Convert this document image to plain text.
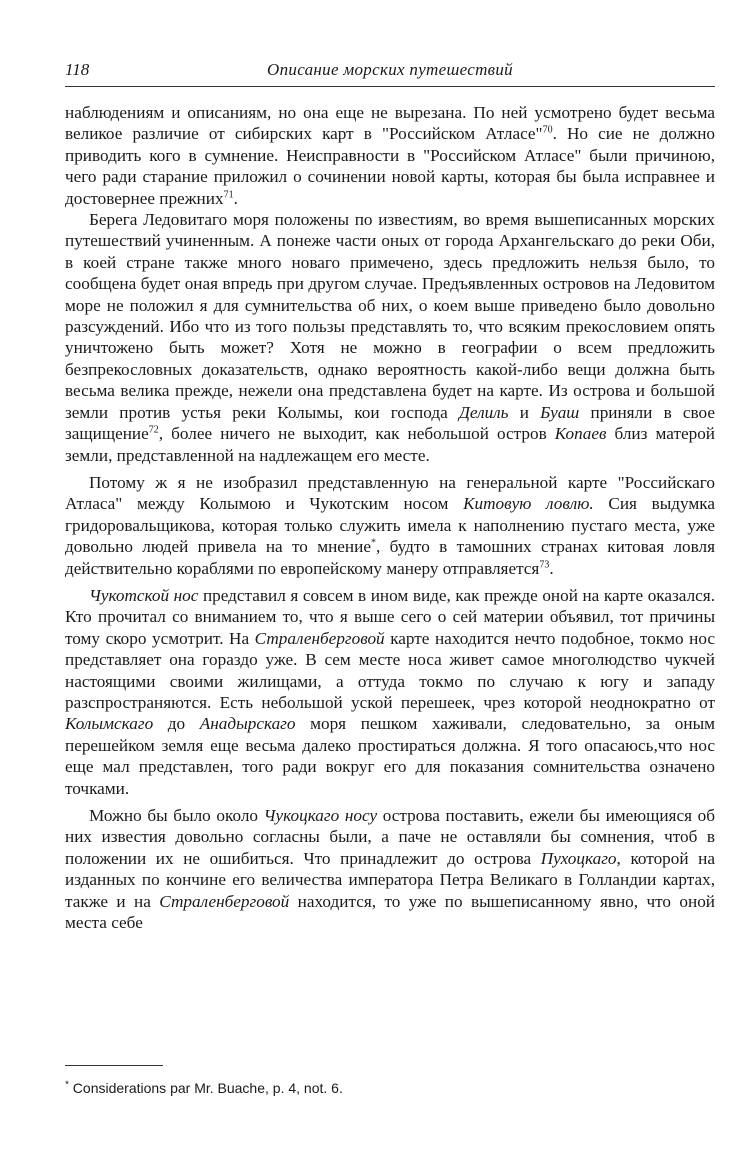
118	Описание морских путешествий

наблюдениям и описаниям, но она еще не вырезана. По ней усмотрено будет весьма великое различие от сибирских карт в "Российском Атласе"$^{70}$. Но сие не должно приводить кого в сумнение. Неисправности в "Российском Атласе" были причиною, чего ради старание приложил о сочинении новой карты, которая бы была исправнее и достовернее прежних$^{71}$.

Берега Ледовитаго моря положены по известиям, во время вышеписанных морских путешествий учиненным. А понеже части оных от города Архангельскаго до реки Оби, в коей стране также много новаго примечено, здесь предложить нельзя было, то сообщена будет оная впредь при другом случае. Предъявленных островов на Ледовитом море не положил я для сумнительства об них, о коем выше приведено было довольно разсуждений. Ибо что из того пользы представлять то, что всяким прекословием опять уничтожено быть может? Хотя не можно в географии о всем предложить безпрекословных доказательств, однако вероятность какой-либо вещи должна быть весьма велика прежде, нежели она представлена будет на карте. Из острова и большой земли против устья реки Колымы, кои господа Делиль и Буаш приняли в свое защищение$^{72}$, более ничего не выходит, как небольшой остров Копаев близ матерой земли, представленной на надлежащем его месте.

Потому ж я не изобразил представленную на генеральной карте "Российскаго Атласа" между Колымою и Чукотским носом Китовую ловлю. Сия выдумка гридоровальщикова, которая только служить имела к наполнению пустаго места, уже довольно людей привела на то мнение*, будто в тамошних странах китовая ловля действительно кораблями по европейскому манеру отправляется$^{73}$.

Чукотской нос представил я совсем в ином виде, как прежде оной на карте оказался. Кто прочитал со вниманием то, что я выше сего о сей материи объявил, тот причины тому скоро усмотрит. На Страленберговой карте находится нечто подобное, токмо нос представляет она гораздо уже. В сем месте носа живет самое многолюдство чукчей настоящими своими жилищами, а оттуда токмо по случаю к югу и западу разспространяются. Есть небольшой уской перешеек, чрез которой неоднократно от Колымскаго до Анадырскаго моря пешком хаживали, следовательно, за оным перешейком земля еще весьма далеко простираться должна. Я того опасаюсь,что нос еще мал представлен, того ради вокруг его для показания сомнительства означено точками.

Можно бы было около Чукоцкаго носу острова поставить, ежели бы имеющияся об них известия довольно согласны были, а паче не оставляли бы сомнения, чтоб в положении их не ошибиться. Что принадлежит до острова Пухоцкаго, которой на изданных по кончине его величества императора Петра Великаго в Голландии картах, также и на Страленберговой находится, то уже по вышеписанному явно, что оной места себе

* Considerations par Mr. Buache, p. 4, not. 6.
